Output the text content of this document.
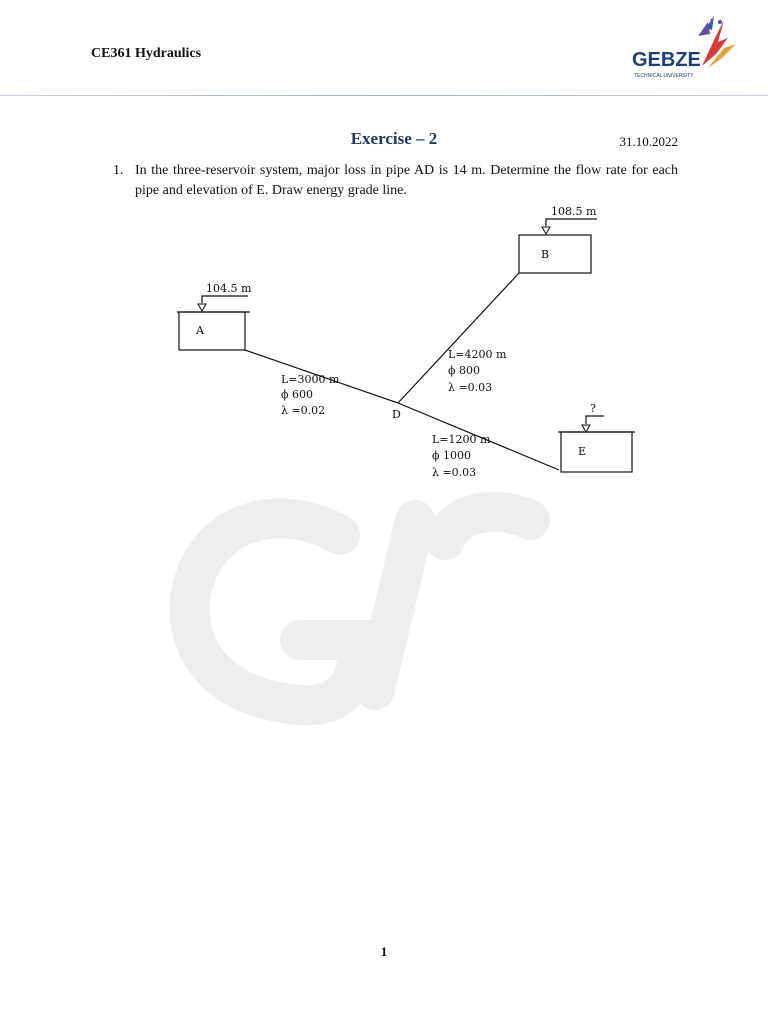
CE361 Hydraulics	GEBZE
TECHNICAL UNIVERSITY
Exercise – 2	31.10.2022
1. In the three-reservoir system, major loss in pipe AD is 14 m. Determine the flow rate for each pipe and elevation of E. Draw energy grade line.
A
B
E
104.5 m
108.5 m
?
D
L=3000 m
ϕ 600
λ =0.02
L=4200 m
ϕ 800
λ =0.03
L=1200 m
ϕ 1000
λ =0.03
1
